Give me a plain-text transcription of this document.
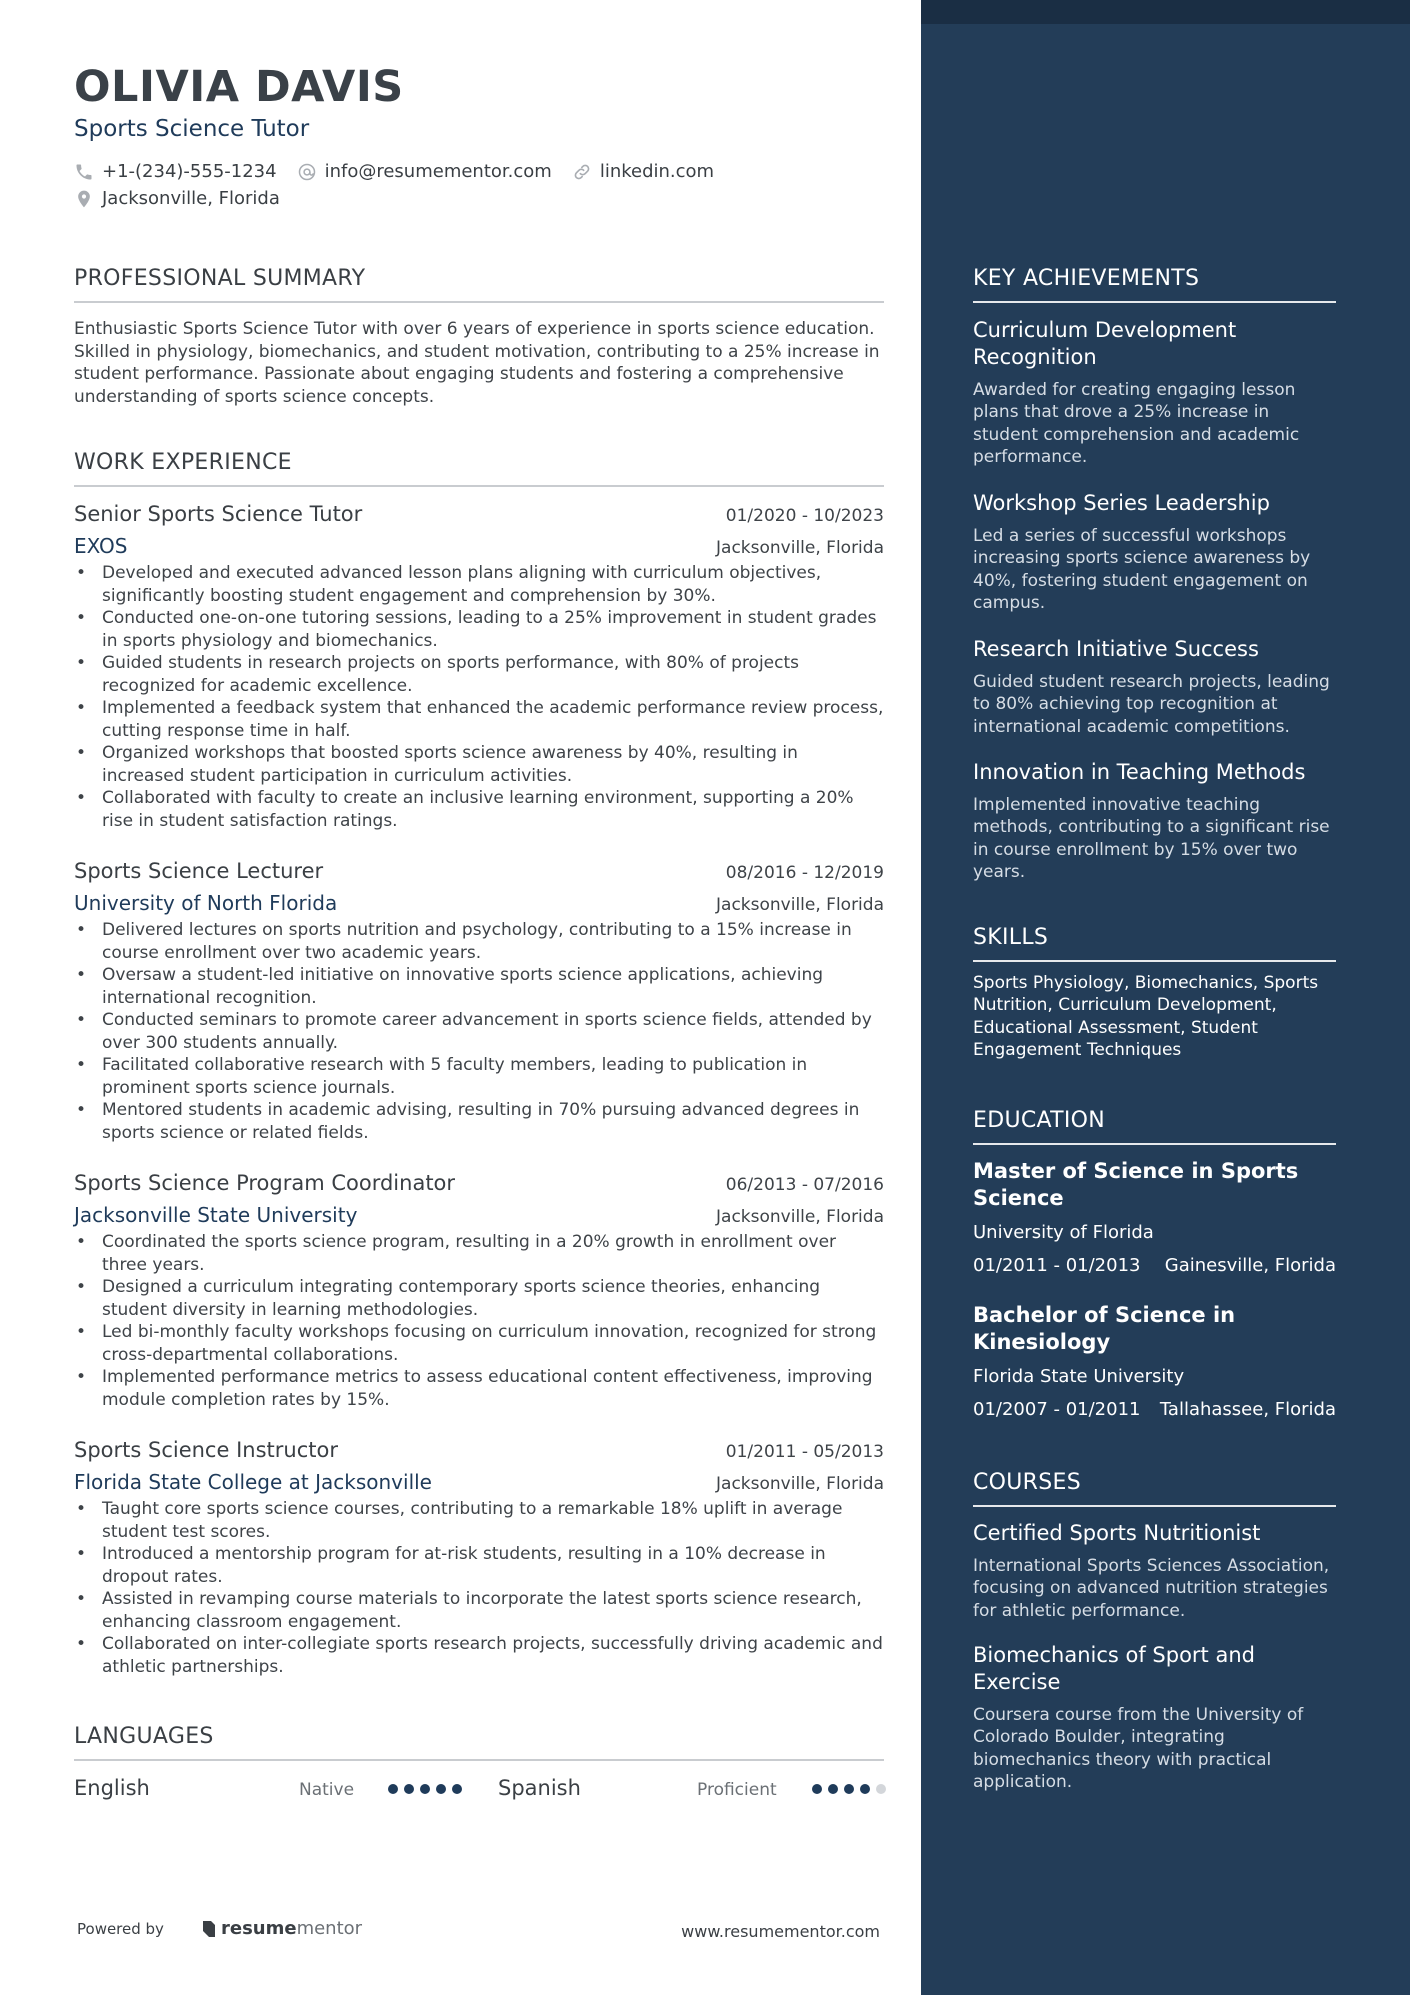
OLIVIA DAVIS
Sports Science Tutor
+1-(234)-555-1234	info@resumementor.com	linkedin.com
Jacksonville, Florida
PROFESSIONAL SUMMARY
Enthusiastic Sports Science Tutor with over 6 years of experience in sports science education. Skilled in physiology, biomechanics, and student motivation, contributing to a 25% increase in student performance. Passionate about engaging students and fostering a comprehensive understanding of sports science concepts.
WORK EXPERIENCE
Senior Sports Science Tutor	01/2020 - 10/2023
EXOS	Jacksonville, Florida
• Developed and executed advanced lesson plans aligning with curriculum objectives, significantly boosting student engagement and comprehension by 30%.
• Conducted one-on-one tutoring sessions, leading to a 25% improvement in student grades in sports physiology and biomechanics.
• Guided students in research projects on sports performance, with 80% of projects recognized for academic excellence.
• Implemented a feedback system that enhanced the academic performance review process, cutting response time in half.
• Organized workshops that boosted sports science awareness by 40%, resulting in increased student participation in curriculum activities.
• Collaborated with faculty to create an inclusive learning environment, supporting a 20% rise in student satisfaction ratings.
Sports Science Lecturer	08/2016 - 12/2019
University of North Florida	Jacksonville, Florida
• Delivered lectures on sports nutrition and psychology, contributing to a 15% increase in course enrollment over two academic years.
• Oversaw a student-led initiative on innovative sports science applications, achieving international recognition.
• Conducted seminars to promote career advancement in sports science fields, attended by over 300 students annually.
• Facilitated collaborative research with 5 faculty members, leading to publication in prominent sports science journals.
• Mentored students in academic advising, resulting in 70% pursuing advanced degrees in sports science or related fields.
Sports Science Program Coordinator	06/2013 - 07/2016
Jacksonville State University	Jacksonville, Florida
• Coordinated the sports science program, resulting in a 20% growth in enrollment over three years.
• Designed a curriculum integrating contemporary sports science theories, enhancing student diversity in learning methodologies.
• Led bi-monthly faculty workshops focusing on curriculum innovation, recognized for strong cross-departmental collaborations.
• Implemented performance metrics to assess educational content effectiveness, improving module completion rates by 15%.
Sports Science Instructor	01/2011 - 05/2013
Florida State College at Jacksonville	Jacksonville, Florida
• Taught core sports science courses, contributing to a remarkable 18% uplift in average student test scores.
• Introduced a mentorship program for at-risk students, resulting in a 10% decrease in dropout rates.
• Assisted in revamping course materials to incorporate the latest sports science research, enhancing classroom engagement.
• Collaborated on inter-collegiate sports research projects, successfully driving academic and athletic partnerships.
LANGUAGES
English	Native	Spanish	Proficient
Powered by	resume mentor	www.resumementor.com
KEY ACHIEVEMENTS
Curriculum Development Recognition
Awarded for creating engaging lesson plans that drove a 25% increase in student comprehension and academic performance.
Workshop Series Leadership
Led a series of successful workshops increasing sports science awareness by 40%, fostering student engagement on campus.
Research Initiative Success
Guided student research projects, leading to 80% achieving top recognition at international academic competitions.
Innovation in Teaching Methods
Implemented innovative teaching methods, contributing to a significant rise in course enrollment by 15% over two years.
SKILLS
Sports Physiology, Biomechanics, Sports Nutrition, Curriculum Development, Educational Assessment, Student Engagement Techniques
EDUCATION
Master of Science in Sports Science
University of Florida
01/2011 - 01/2013 Gainesville, Florida
Bachelor of Science in Kinesiology
Florida State University
01/2007 - 01/2011 Tallahassee, Florida
COURSES
Certified Sports Nutritionist
International Sports Sciences Association, focusing on advanced nutrition strategies for athletic performance.
Biomechanics of Sport and Exercise
Coursera course from the University of Colorado Boulder, integrating biomechanics theory with practical application.
